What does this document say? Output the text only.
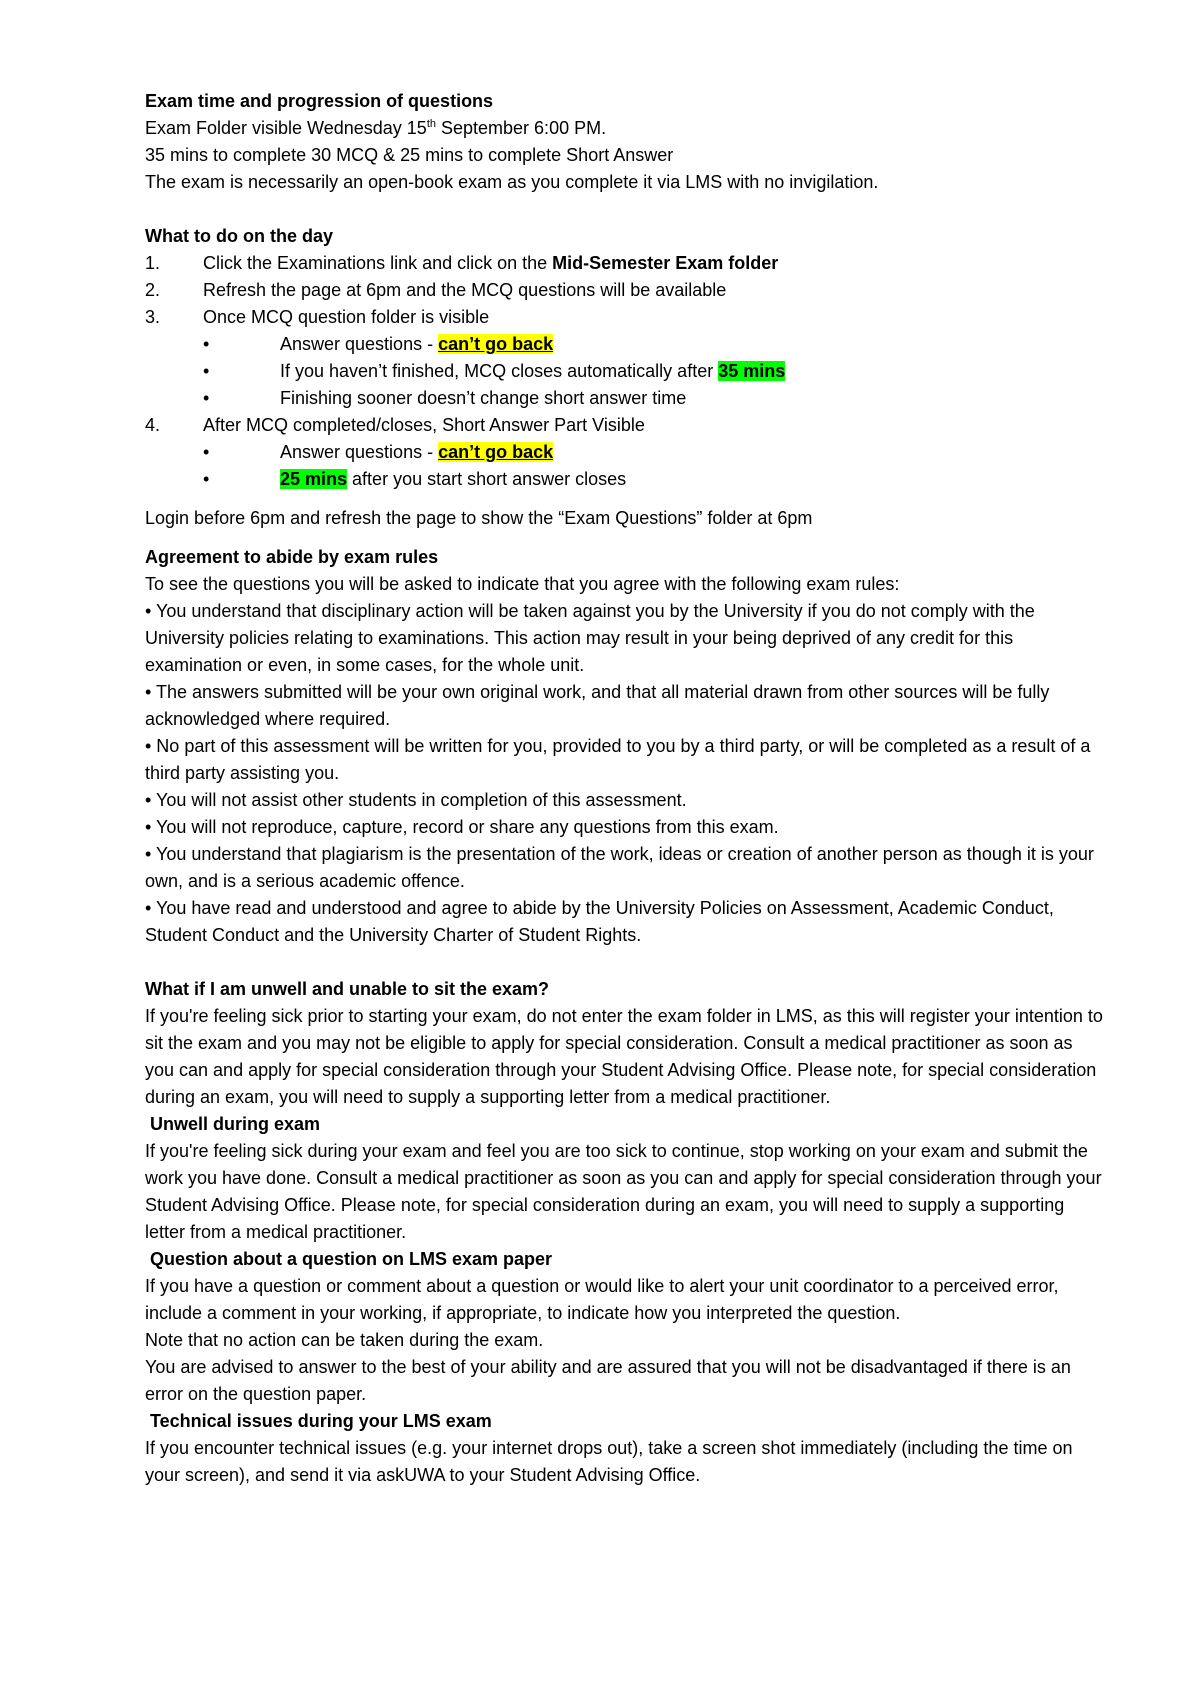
Exam time and progression of questions

Exam Folder visible Wednesday 15th September 6:00 PM.

35 mins to complete 30 MCQ & 25 mins to complete Short Answer

The exam is necessarily an open-book exam as you complete it via LMS with no invigilation.

What to do on the day

1.	Click the Examinations link and click on the Mid-Semester Exam folder
2.	Refresh the page at 6pm and the MCQ questions will be available
3.	Once MCQ question folder is visible
•	Answer questions - can’t go back
•	If you haven’t finished, MCQ closes automatically after 35 mins
•	Finishing sooner doesn’t change short answer time
4.	After MCQ completed/closes, Short Answer Part Visible
•	Answer questions - can’t go back
•	25 mins after you start short answer closes

Login before 6pm and refresh the page to show the “Exam Questions” folder at 6pm

Agreement to abide by exam rules

To see the questions you will be asked to indicate that you agree with the following exam rules:

• You understand that disciplinary action will be taken against you by the University if you do not comply with the University policies relating to examinations. This action may result in your being deprived of any credit for this examination or even, in some cases, for the whole unit.

• The answers submitted will be your own original work, and that all material drawn from other sources will be fully acknowledged where required.

• No part of this assessment will be written for you, provided to you by a third party, or will be completed as a result of a third party assisting you.

• You will not assist other students in completion of this assessment.

• You will not reproduce, capture, record or share any questions from this exam.

• You understand that plagiarism is the presentation of the work, ideas or creation of another person as though it is your own, and is a serious academic offence.

• You have read and understood and agree to abide by the University Policies on Assessment, Academic Conduct, Student Conduct and the University Charter of Student Rights.

What if I am unwell and unable to sit the exam?

If you're feeling sick prior to starting your exam, do not enter the exam folder in LMS, as this will register your intention to sit the exam and you may not be eligible to apply for special consideration. Consult a medical practitioner as soon as you can and apply for special consideration through your Student Advising Office. Please note, for special consideration during an exam, you will need to supply a supporting letter from a medical practitioner.

Unwell during exam

If you're feeling sick during your exam and feel you are too sick to continue, stop working on your exam and submit the work you have done. Consult a medical practitioner as soon as you can and apply for special consideration through your Student Advising Office. Please note, for special consideration during an exam, you will need to supply a supporting letter from a medical practitioner.

Question about a question on LMS exam paper

If you have a question or comment about a question or would like to alert your unit coordinator to a perceived error, include a comment in your working, if appropriate, to indicate how you interpreted the question.

Note that no action can be taken during the exam.

You are advised to answer to the best of your ability and are assured that you will not be disadvantaged if there is an error on the question paper.

Technical issues during your LMS exam

If you encounter technical issues (e.g. your internet drops out), take a screen shot immediately (including the time on your screen), and send it via askUWA to your Student Advising Office.
